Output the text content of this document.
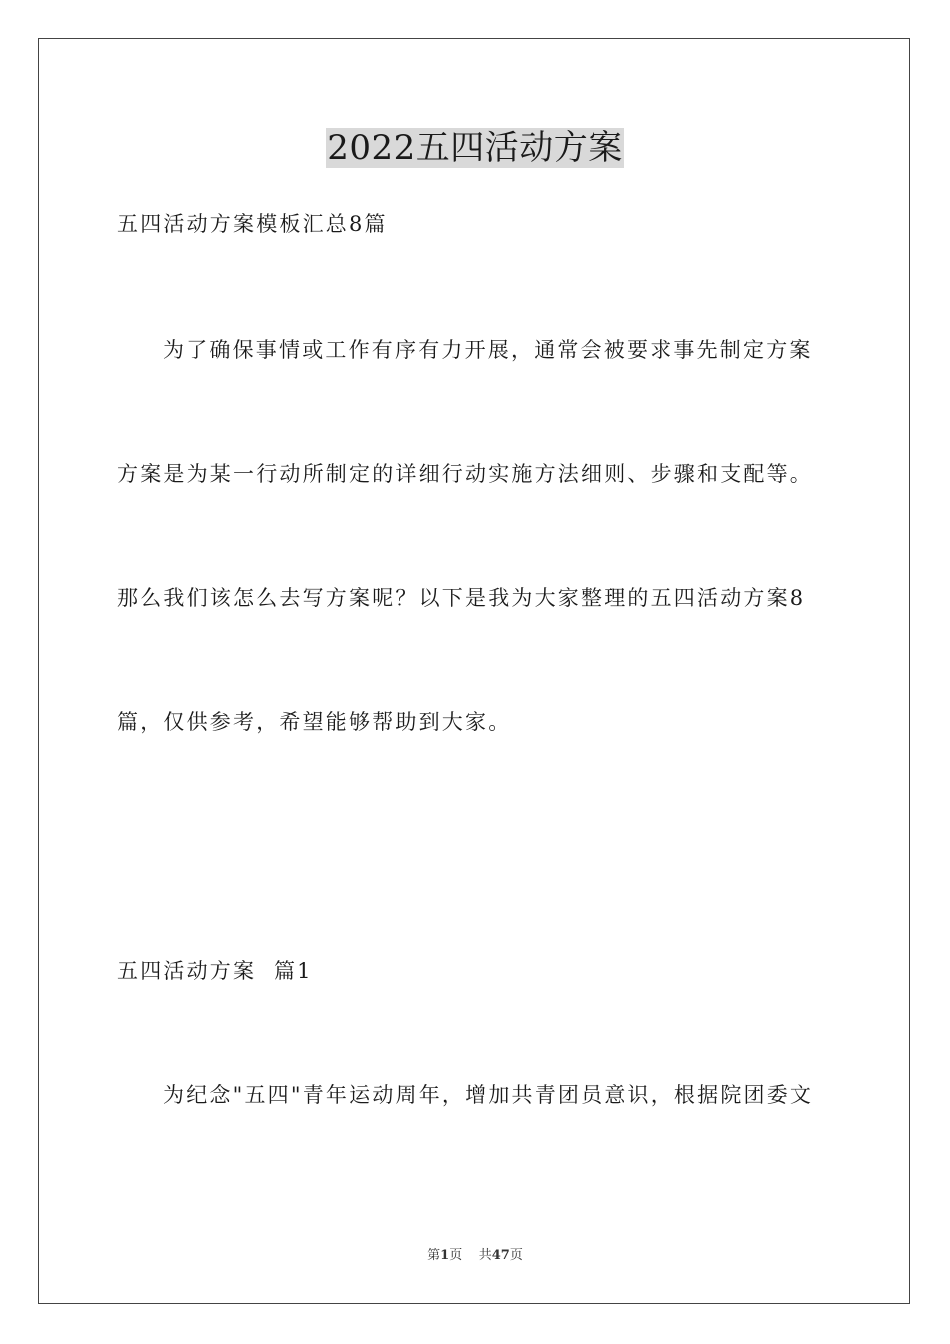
2022五四活动方案
五四活动方案模板汇总8篇
为了确保事情或工作有序有力开展，通常会被要求事先制定方案
方案是为某一行动所制定的详细行动实施方法细则、步骤和支配等。
那么我们该怎么去写方案呢？以下是我为大家整理的五四活动方案8
篇，仅供参考，希望能够帮助到大家。
五四活动方案  篇1
为纪念"五四"青年运动周年，增加共青团员意识，根据院团委文
第1页 共47页
